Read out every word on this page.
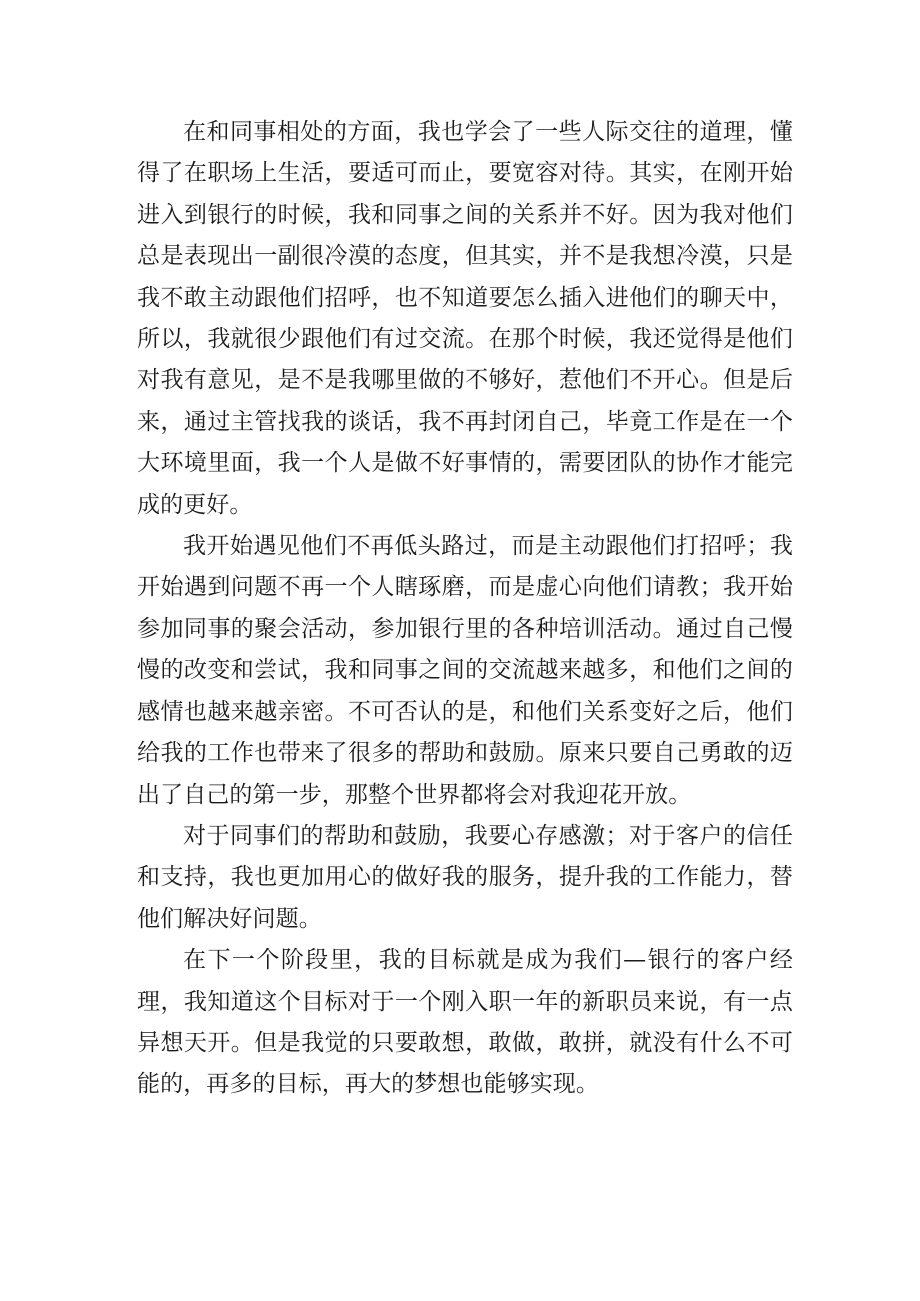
在和同事相处的方面，我也学会了一些人际交往的道理，懂得了在职场上生活，要适可而止，要宽容对待。其实，在刚开始进入到银行的时候，我和同事之间的关系并不好。因为我对他们总是表现出一副很冷漠的态度，但其实，并不是我想冷漠，只是我不敢主动跟他们招呼，也不知道要怎么插入进他们的聊天中，所以，我就很少跟他们有过交流。在那个时候，我还觉得是他们对我有意见，是不是我哪里做的不够好，惹他们不开心。但是后来，通过主管找我的谈话，我不再封闭自己，毕竟工作是在一个大环境里面，我一个人是做不好事情的，需要团队的协作才能完成的更好。

我开始遇见他们不再低头路过，而是主动跟他们打招呼；我开始遇到问题不再一个人瞎琢磨，而是虚心向他们请教；我开始参加同事的聚会活动，参加银行里的各种培训活动。通过自己慢慢的改变和尝试，我和同事之间的交流越来越多，和他们之间的感情也越来越亲密。不可否认的是，和他们关系变好之后，他们给我的工作也带来了很多的帮助和鼓励。原来只要自己勇敢的迈出了自己的第一步，那整个世界都将会对我迎花开放。

对于同事们的帮助和鼓励，我要心存感激；对于客户的信任和支持，我也更加用心的做好我的服务，提升我的工作能力，替他们解决好问题。

在下一个阶段里，我的目标就是成为我们—银行的客户经理，我知道这个目标对于一个刚入职一年的新职员来说，有一点异想天开。但是我觉的只要敢想，敢做，敢拼，就没有什么不可能的，再多的目标，再大的梦想也能够实现。
